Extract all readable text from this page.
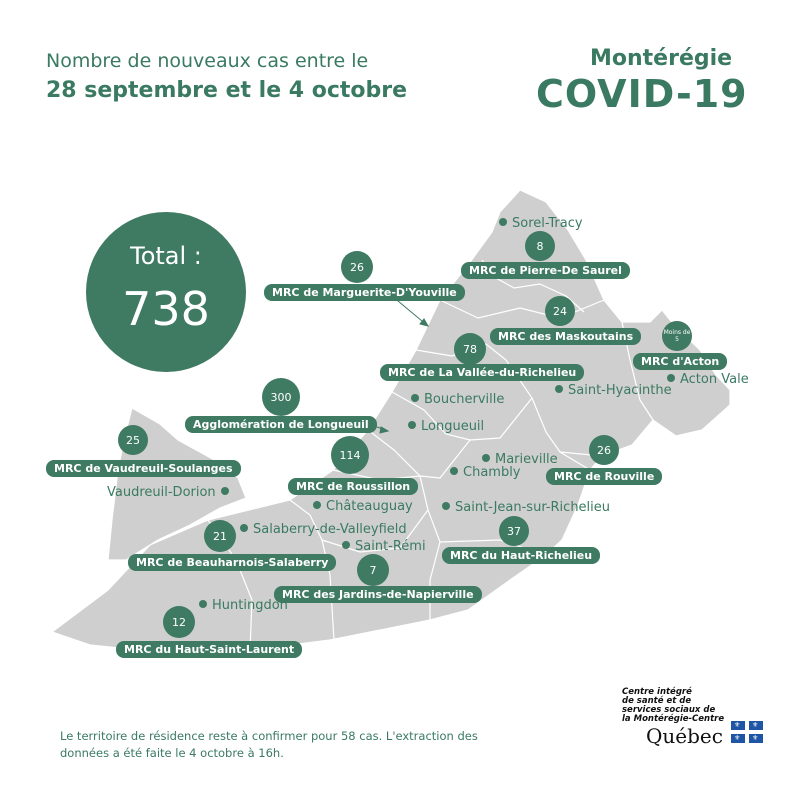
Nombre de nouveaux cas entre le
28 septembre et le 4 octobre
Montérégie
COVID-19
Total :
738
8
MRC de Pierre-De Saurel
26
MRC de Marguerite-D'Youville
24
MRC des Maskoutains	Moins de 5
MRC d'Acton
78
MRC de La Vallée-du-Richelieu
300
Agglomération de Longueuil
25
MRC de Vaudreuil-Soulanges
114
MRC de Roussillon
26
MRC de Rouville
21
MRC de Beauharnois-Salaberry
37
MRC du Haut-Richelieu
7
MRC des Jardins-de-Napierville
12
MRC du Haut-Saint-Laurent
Sorel-Tracy
Saint-Hyacinthe
Acton Vale
Boucherville
Longueuil
Marieville
Chambly
Vaudreuil-Dorion
Châteauguay	Saint-Jean-sur-Richelieu
Salaberry-de-Valleyfield
Saint-Rémi
Huntingdon
Le territoire de résidence reste à confirmer pour 58 cas. L'extraction des données a été faite le 4 octobre à 16h.
Centre intégré
de santé et de
services sociaux de
la Montérégie-Centre
Québec ⚜ ⚜
⚜ ⚜
